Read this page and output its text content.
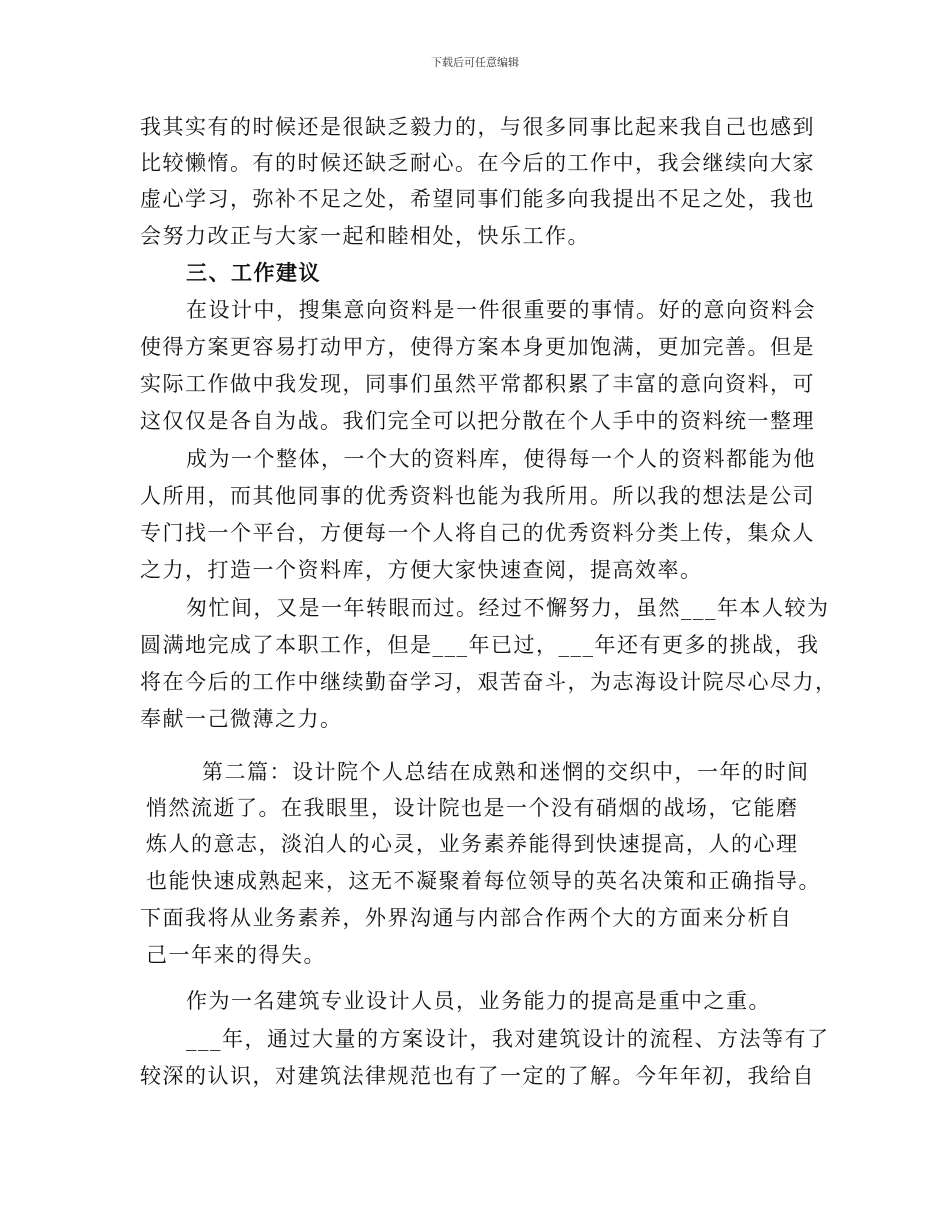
下载后可任意编辑
我其实有的时候还是很缺乏毅力的，与很多同事比起来我自己也感到
比较懒惰。有的时候还缺乏耐心。在今后的工作中，我会继续向大家
虚心学习，弥补不足之处，希望同事们能多向我提出不足之处，我也
会努力改正与大家一起和睦相处，快乐工作。
三、工作建议
在设计中，搜集意向资料是一件很重要的事情。好的意向资料会
使得方案更容易打动甲方，使得方案本身更加饱满，更加完善。但是
实际工作做中我发现，同事们虽然平常都积累了丰富的意向资料，可
这仅仅是各自为战。我们完全可以把分散在个人手中的资料统一整理
成为一个整体，一个大的资料库，使得每一个人的资料都能为他
人所用，而其他同事的优秀资料也能为我所用。所以我的想法是公司
专门找一个平台，方便每一个人将自己的优秀资料分类上传，集众人
之力，打造一个资料库，方便大家快速查阅，提高效率。
匆忙间，又是一年转眼而过。经过不懈努力，虽然___年本人较为
圆满地完成了本职工作，但是___年已过，___年还有更多的挑战，我
将在今后的工作中继续勤奋学习，艰苦奋斗，为志海设计院尽心尽力，
奉献一己微薄之力。
第二篇：设计院个人总结在成熟和迷惘的交织中，一年的时间
悄然流逝了。在我眼里，设计院也是一个没有硝烟的战场，它能磨
炼人的意志，淡泊人的心灵，业务素养能得到快速提高，人的心理
也能快速成熟起来，这无不凝聚着每位领导的英名决策和正确指导。
下面我将从业务素养，外界沟通与内部合作两个大的方面来分析自
己一年来的得失。
作为一名建筑专业设计人员，业务能力的提高是重中之重。
___年，通过大量的方案设计，我对建筑设计的流程、方法等有了
较深的认识，对建筑法律规范也有了一定的了解。今年年初，我给自
